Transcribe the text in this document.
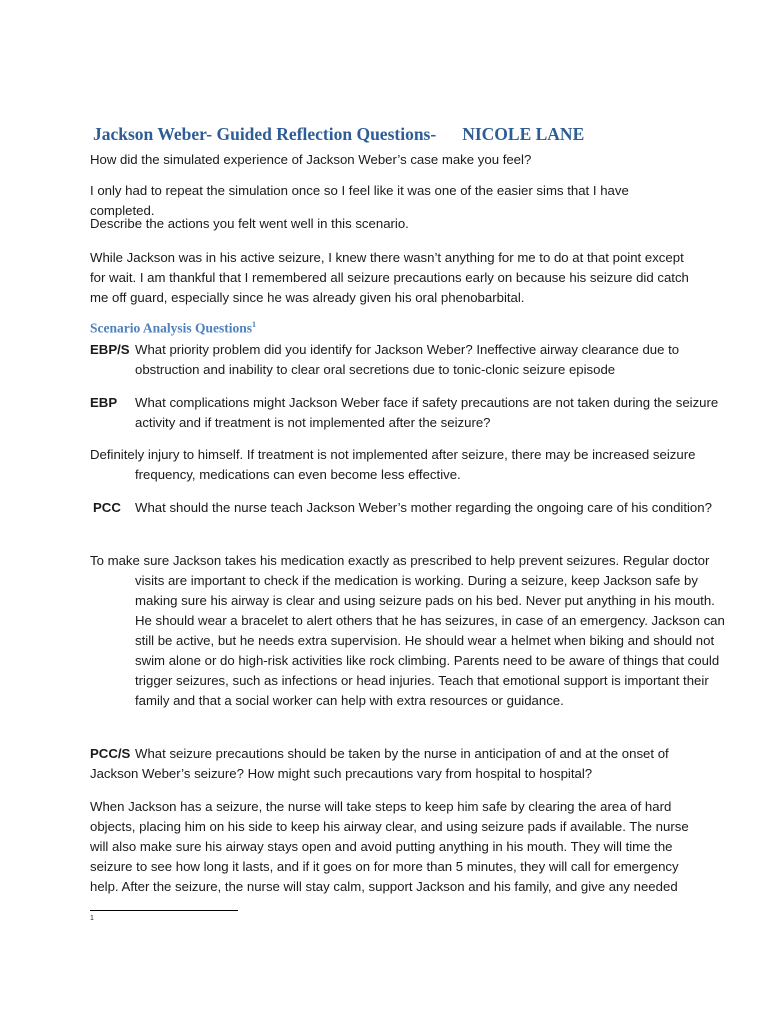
Jackson Weber- Guided Reflection Questions- NICOLE LANE
How did the simulated experience of Jackson Weber’s case make you feel?
I only had to repeat the simulation once so I feel like it was one of the easier sims that I have completed.
Describe the actions you felt went well in this scenario.
While Jackson was in his active seizure, I knew there wasn’t anything for me to do at that point except for wait. I am thankful that I remembered all seizure precautions early on because his seizure did catch me off guard, especially since he was already given his oral phenobarbital.
Scenario Analysis Questions$^1$
EBP/S What priority problem did you identify for Jackson Weber? Ineffective airway clearance due to obstruction and inability to clear oral secretions due to tonic-clonic seizure episode
EBP What complications might Jackson Weber face if safety precautions are not taken during the seizure activity and if treatment is not implemented after the seizure?
Definitely injury to himself. If treatment is not implemented after seizure, there may be increased seizure frequency, medications can even become less effective.
PCC What should the nurse teach Jackson Weber’s mother regarding the ongoing care of his condition?
To make sure Jackson takes his medication exactly as prescribed to help prevent seizures. Regular doctor visits are important to check if the medication is working. During a seizure, keep Jackson safe by making sure his airway is clear and using seizure pads on his bed. Never put anything in his mouth. He should wear a bracelet to alert others that he has seizures, in case of an emergency. Jackson can still be active, but he needs extra supervision. He should wear a helmet when biking and should not swim alone or do high-risk activities like rock climbing. Parents need to be aware of things that could trigger seizures, such as infections or head injuries. Teach that emotional support is important their family and that a social worker can help with extra resources or guidance.
PCC/S What seizure precautions should be taken by the nurse in anticipation of and at the onset of Jackson Weber’s seizure? How might such precautions vary from hospital to hospital?
When Jackson has a seizure, the nurse will take steps to keep him safe by clearing the area of hard objects, placing him on his side to keep his airway clear, and using seizure pads if available. The nurse will also make sure his airway stays open and avoid putting anything in his mouth. They will time the seizure to see how long it lasts, and if it goes on for more than 5 minutes, they will call for emergency help. After the seizure, the nurse will stay calm, support Jackson and his family, and give any needed
1
